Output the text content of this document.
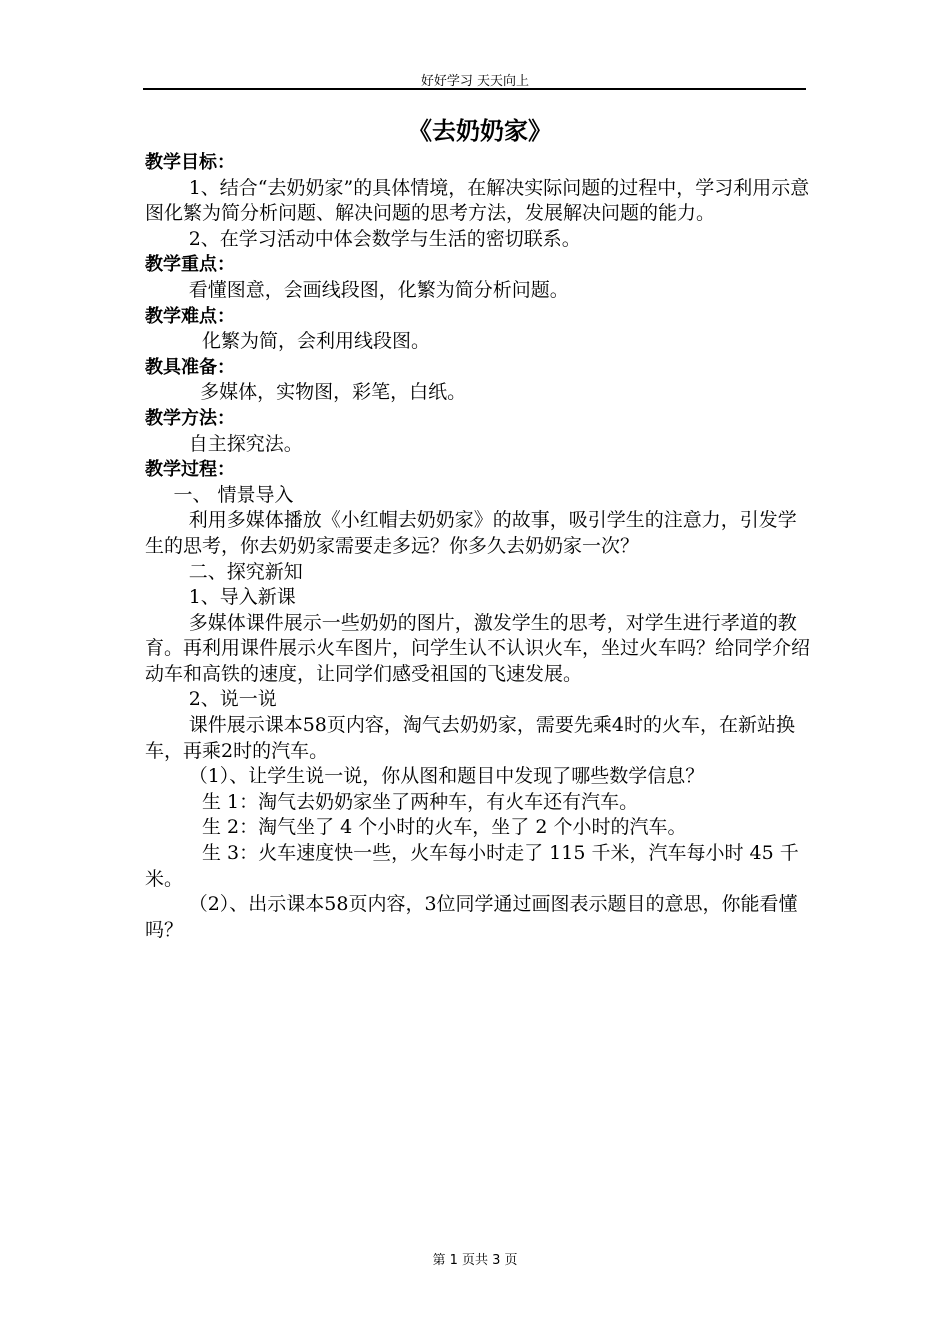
好好学习 天天向上
《去奶奶家》
教学目标：

1、结合“去奶奶家”的具体情境，在解决实际问题的过程中，学习利用示意图化繁为简分析问题、解决问题的思考方法，发展解决问题的能力。

2、在学习活动中体会数学与生活的密切联系。

教学重点：

看懂图意，会画线段图，化繁为简分析问题。

教学难点：

化繁为简，会利用线段图。

教具准备：

多媒体，实物图，彩笔，白纸。

教学方法：

自主探究法。

教学过程：

一、 情景导入

利用多媒体播放《小红帽去奶奶家》的故事，吸引学生的注意力，引发学生的思考，你去奶奶家需要走多远？你多久去奶奶家一次？

二、探究新知

1、导入新课

多媒体课件展示一些奶奶的图片，激发学生的思考，对学生进行孝道的教育。再利用课件展示火车图片，问学生认不认识火车，坐过火车吗？给同学介绍动车和高铁的速度，让同学们感受祖国的飞速发展。

2、说一说

课件展示课本58页内容，淘气去奶奶家，需要先乘4时的火车，在新站换车，再乘2时的汽车。

（1）、让学生说一说，你从图和题目中发现了哪些数学信息？

生 1：淘气去奶奶家坐了两种车，有火车还有汽车。

生 2：淘气坐了 4 个小时的火车，坐了 2 个小时的汽车。

生 3：火车速度快一些，火车每小时走了 115 千米，汽车每小时 45 千米。

（2）、出示课本58页内容，3位同学通过画图表示题目的意思，你能看懂吗？

第 1 页共 3 页
